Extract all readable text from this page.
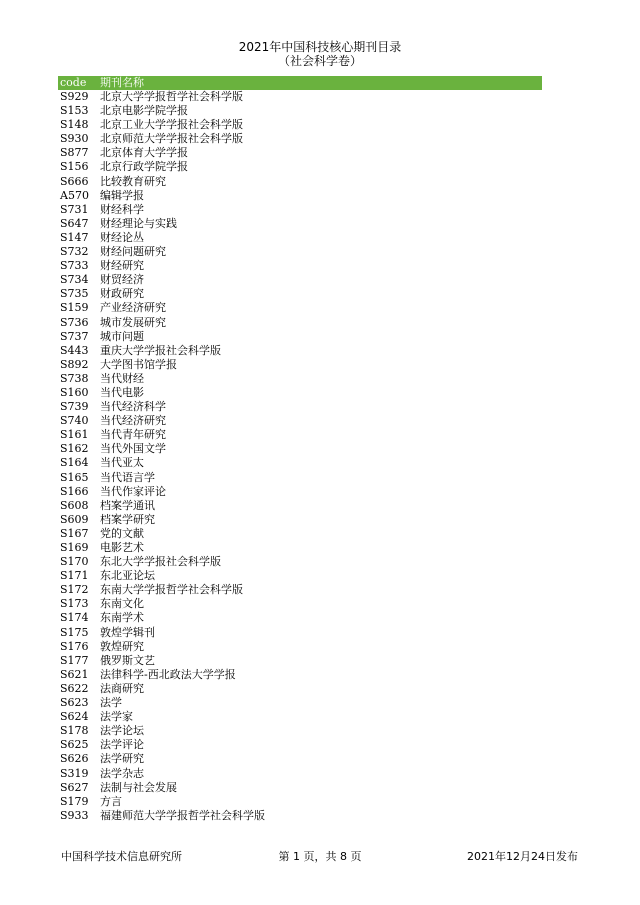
2021年中国科技核心期刊目录
（社会科学卷）
code	期刊名称
S929	北京大学学报哲学社会科学版
S153	北京电影学院学报
S148	北京工业大学学报社会科学版
S930	北京师范大学学报社会科学版
S877	北京体育大学学报
S156	北京行政学院学报
S666	比较教育研究
A570	编辑学报
S731	财经科学
S647	财经理论与实践
S147	财经论丛
S732	财经问题研究
S733	财经研究
S734	财贸经济
S735	财政研究
S159	产业经济研究
S736	城市发展研究
S737	城市问题
S443	重庆大学学报社会科学版
S892	大学图书馆学报
S738	当代财经
S160	当代电影
S739	当代经济科学
S740	当代经济研究
S161	当代青年研究
S162	当代外国文学
S164	当代亚太
S165	当代语言学
S166	当代作家评论
S608	档案学通讯
S609	档案学研究
S167	党的文献
S169	电影艺术
S170	东北大学学报社会科学版
S171	东北亚论坛
S172	东南大学学报哲学社会科学版
S173	东南文化
S174	东南学术
S175	敦煌学辑刊
S176	敦煌研究
S177	俄罗斯文艺
S621	法律科学-西北政法大学学报
S622	法商研究
S623	法学
S624	法学家
S178	法学论坛
S625	法学评论
S626	法学研究
S319	法学杂志
S627	法制与社会发展
S179	方言
S933	福建师范大学学报哲学社会科学版
中国科学技术信息研究所	第 1 页，共 8 页	2021年12月24日发布
